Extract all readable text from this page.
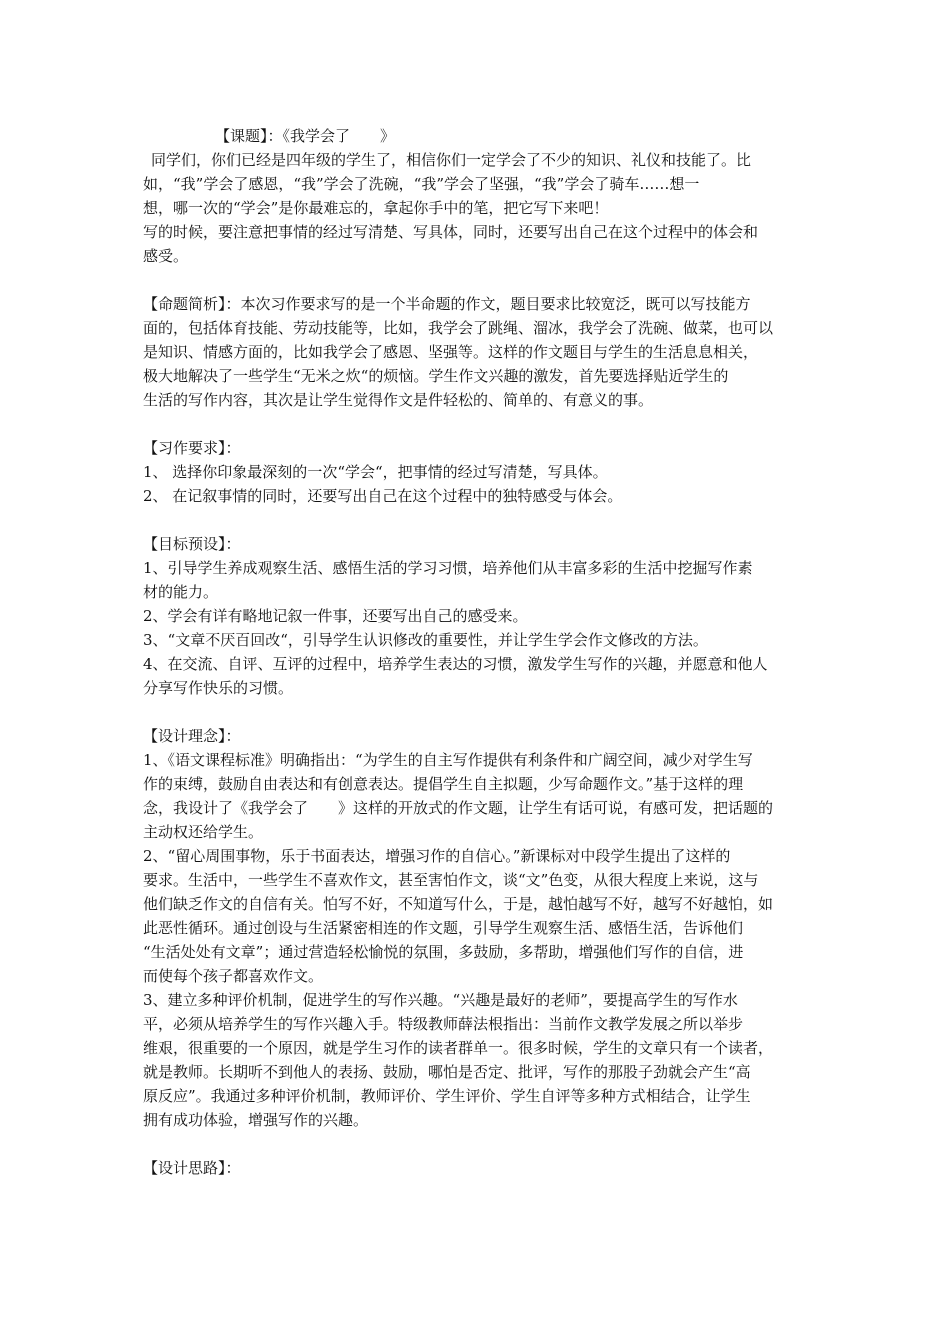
【课题】：《我学会了　　》
同学们，你们已经是四年级的学生了，相信你们一定学会了不少的知识、礼仪和技能了。比
如，“我”学会了感恩，“我”学会了洗碗，“我”学会了坚强，“我”学会了骑车……想一
想，哪一次的“学会”是你最难忘的，拿起你手中的笔，把它写下来吧！
写的时候，要注意把事情的经过写清楚、写具体，同时，还要写出自己在这个过程中的体会和
感受。
【命题简析】：本次习作要求写的是一个半命题的作文，题目要求比较宽泛，既可以写技能方
面的，包括体育技能、劳动技能等，比如，我学会了跳绳、溜冰，我学会了洗碗、做菜，也可以
是知识、情感方面的，比如我学会了感恩、坚强等。这样的作文题目与学生的生活息息相关，
极大地解决了一些学生“无米之炊“的烦恼。学生作文兴趣的激发，首先要选择贴近学生的
生活的写作内容，其次是让学生觉得作文是件轻松的、简单的、有意义的事。
【习作要求】：
1、 选择你印象最深刻的一次“学会“，把事情的经过写清楚，写具体。
2、 在记叙事情的同时，还要写出自己在这个过程中的独特感受与体会。
【目标预设】：
1、引导学生养成观察生活、感悟生活的学习习惯，培养他们从丰富多彩的生活中挖掘写作素
材的能力。
2、学会有详有略地记叙一件事，还要写出自己的感受来。
3、“文章不厌百回改“，引导学生认识修改的重要性，并让学生学会作文修改的方法。
4、在交流、自评、互评的过程中，培养学生表达的习惯，激发学生写作的兴趣，并愿意和他人
分享写作快乐的习惯。
【设计理念】：
1、《语文课程标准》明确指出：“为学生的自主写作提供有利条件和广阔空间，减少对学生写
作的束缚，鼓励自由表达和有创意表达。提倡学生自主拟题，少写命题作文。”基于这样的理
念，我设计了《我学会了　　》这样的开放式的作文题，让学生有话可说，有感可发，把话题的
主动权还给学生。
2、“留心周围事物，乐于书面表达，增强习作的自信心。”新课标对中段学生提出了这样的
要求。生活中，一些学生不喜欢作文，甚至害怕作文，谈“文”色变，从很大程度上来说，这与
他们缺乏作文的自信有关。怕写不好，不知道写什么，于是，越怕越写不好，越写不好越怕，如
此恶性循环。通过创设与生活紧密相连的作文题，引导学生观察生活、感悟生活，告诉他们
“生活处处有文章”；通过营造轻松愉悦的氛围，多鼓励，多帮助，增强他们写作的自信，进
而使每个孩子都喜欢作文。
3、建立多种评价机制，促进学生的写作兴趣。“兴趣是最好的老师”，要提高学生的写作水
平，必须从培养学生的写作兴趣入手。特级教师薛法根指出：当前作文教学发展之所以举步
维艰，很重要的一个原因，就是学生习作的读者群单一。很多时候，学生的文章只有一个读者，
就是教师。长期听不到他人的表扬、鼓励，哪怕是否定、批评，写作的那股子劲就会产生“高
原反应”。我通过多种评价机制，教师评价、学生评价、学生自评等多种方式相结合，让学生
拥有成功体验，增强写作的兴趣。
【设计思路】：
